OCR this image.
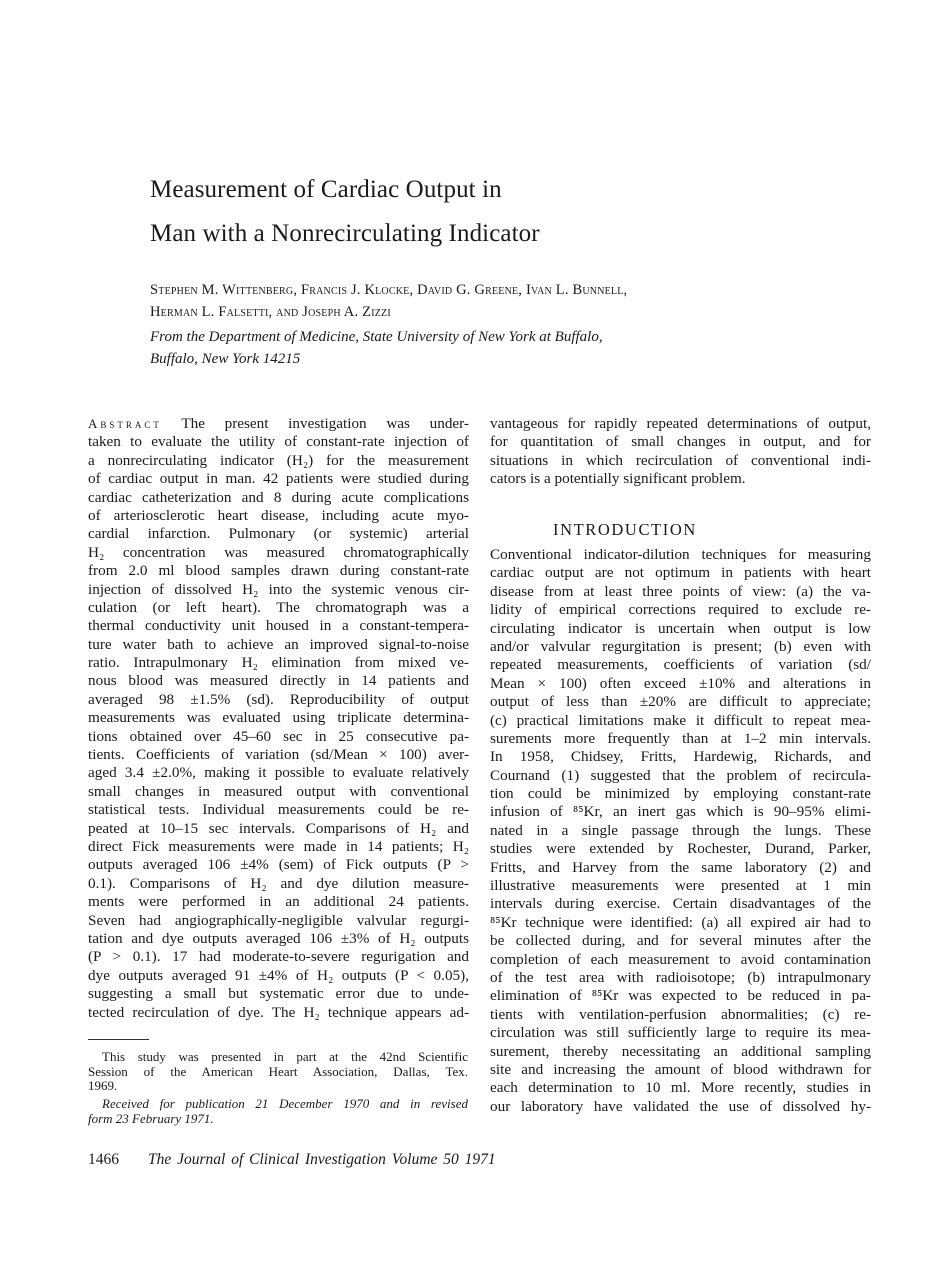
Measurement of Cardiac Output in
Man with a Nonrecirculating Indicator
Stephen M. Wittenberg, Francis J. Klocke, David G. Greene, Ivan L. Bunnell,
Herman L. Falsetti, and Joseph A. Zizzi
From the Department of Medicine, State University of New York at Buffalo,
Buffalo, New York 14215
Abstract The present investigation was under-
taken to evaluate the utility of constant-rate injection of
a nonrecirculating indicator (H₂) for the measurement
of cardiac output in man. 42 patients were studied during
cardiac catheterization and 8 during acute complications
of arteriosclerotic heart disease, including acute myo-
cardial infarction. Pulmonary (or systemic) arterial
H₂ concentration was measured chromatographically
from 2.0 ml blood samples drawn during constant-rate
injection of dissolved H₂ into the systemic venous cir-
culation (or left heart). The chromatograph was a
thermal conductivity unit housed in a constant-tempera-
ture water bath to achieve an improved signal-to-noise
ratio. Intrapulmonary H₂ elimination from mixed ve-
nous blood was measured directly in 14 patients and
averaged 98 ±1.5% (sd). Reproducibility of output
measurements was evaluated using triplicate determina-
tions obtained over 45–60 sec in 25 consecutive pa-
tients. Coefficients of variation (sd/Mean × 100) aver-
aged 3.4 ±2.0%, making it possible to evaluate relatively
small changes in measured output with conventional
statistical tests. Individual measurements could be re-
peated at 10–15 sec intervals. Comparisons of H₂ and
direct Fick measurements were made in 14 patients; H₂
outputs averaged 106 ±4% (sem) of Fick outputs (P >
0.1). Comparisons of H₂ and dye dilution measure-
ments were performed in an additional 24 patients.
Seven had angiographically-negligible valvular regurgi-
tation and dye outputs averaged 106 ±3% of H₂ outputs
(P > 0.1). 17 had moderate-to-severe regurigation and
dye outputs averaged 91 ±4% of H₂ outputs (P < 0.05),
suggesting a small but systematic error due to unde-
tected recirculation of dye. The H₂ technique appears ad-
vantageous for rapidly repeated determinations of output,
for quantitation of small changes in output, and for
situations in which recirculation of conventional indi-
cators is a potentially significant problem.
INTRODUCTION
Conventional indicator-dilution techniques for measuring
cardiac output are not optimum in patients with heart
disease from at least three points of view: (a) the va-
lidity of empirical corrections required to exclude re-
circulating indicator is uncertain when output is low
and/or valvular regurgitation is present; (b) even with
repeated measurements, coefficients of variation (sd/
Mean × 100) often exceed ±10% and alterations in
output of less than ±20% are difficult to appreciate;
(c) practical limitations make it difficult to repeat mea-
surements more frequently than at 1–2 min intervals.
In 1958, Chidsey, Fritts, Hardewig, Richards, and
Cournand (1) suggested that the problem of recircula-
tion could be minimized by employing constant-rate
infusion of ⁸⁵Kr, an inert gas which is 90–95% elimi-
nated in a single passage through the lungs. These
studies were extended by Rochester, Durand, Parker,
Fritts, and Harvey from the same laboratory (2) and
illustrative measurements were presented at 1 min
intervals during exercise. Certain disadvantages of the
⁸⁵Kr technique were identified: (a) all expired air had to
be collected during, and for several minutes after the
completion of each measurement to avoid contamination
of the test area with radioisotope; (b) intrapulmonary
elimination of ⁸⁵Kr was expected to be reduced in pa-
tients with ventilation-perfusion abnormalities; (c) re-
circulation was still sufficiently large to require its mea-
surement, thereby necessitating an additional sampling
site and increasing the amount of blood withdrawn for
each determination to 10 ml. More recently, studies in
our laboratory have validated the use of dissolved hy-
This study was presented in part at the 42nd Scientific
Session of the American Heart Association, Dallas, Tex.
1969.
Received for publication 21 December 1970 and in revised
form 23 February 1971.
1466 The Journal of Clinical Investigation Volume 50 1971
